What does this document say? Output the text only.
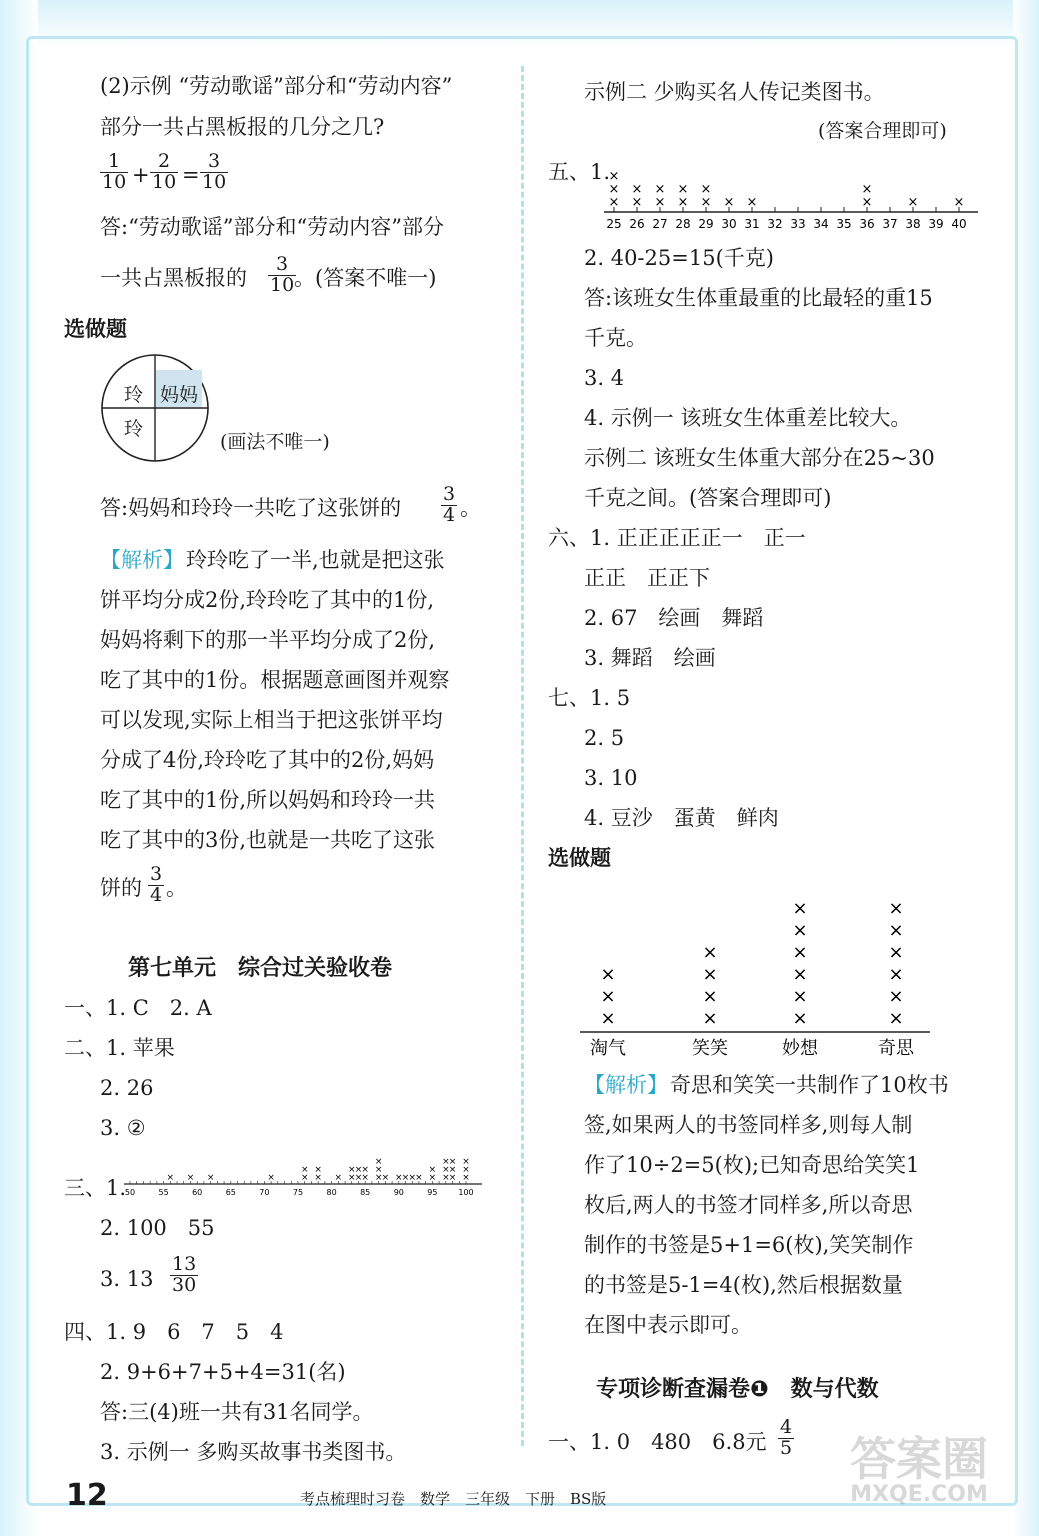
(2)示例 “劳动歌谣”部分和“劳动内容”
部分一共占黑板报的几分之几?
$\frac{1}{10} + \frac{2}{10} = \frac{3}{10}$
答:“劳动歌谣”部分和“劳动内容”部分
一共占黑板报的 $\frac{3}{10}$
。(答案不唯一)
选做题
玲 妈妈
玲
(画法不唯一)
答:妈妈和玲玲一共吃了这张饼的 $\frac{3}{4}$ 。
【解析】 玲玲吃了一半,也就是把这张
饼平均分成2份,玲玲吃了其中的1份,
妈妈将剩下的那一半平均分成了2份,
吃了其中的1份。根据题意画图并观察
可以发现,实际上相当于把这张饼平均
分成了4份,玲玲吃了其中的2份,妈妈
吃了其中的1份,所以妈妈和玲玲一共
吃了其中的3份,也就是一共吃了这张
饼的 $\frac{3}{4}$ 。
第七单元　综合过关验收卷
一、1. C　2. A
二、1. 苹果
2. 26
3. ②
三、1.
50	55	60	65	70	75	80	85	90	95	100
× × ×	×	×
×
×
×
× ×
×
×
×
×
×
×
×
×
× × × × × ×
×
×
×
×
×
×
×
×
×
×
2. 100　55
3. $13 \frac{13}{30}$
四、1. 9　6　7　5　4
2. 9+6+7+5+4=31(名)
答:三(4)班一共有31名同学。
3. 示例一 多购买故事书类图书。
示例二 少购买名人传记类图书。
(答案合理即可)
五、1.
25
×
×
×
26
×
×
27
×
×
28
×
×
29
×
×
30
×
31
×
32 33 34 35 36
×
×
37 38
×
39 40
×
2. 40-25=15(千克)
答:该班女生体重最重的比最轻的重15
千克。
3. 4
4. 示例一 该班女生体重差比较大。
示例二 该班女生体重大部分在25~30
千克之间。(答案合理即可)
六、1. 正正正正正一　正一
正正　正正下
2. 67　绘画　舞蹈
3. 舞蹈　绘画
七、1. 5
2. 5
3. 10
4. 豆沙　蛋黄　鲜肉
选做题
淘气
×
×
×
笑笑
×
×
×
×
妙想
×
×
×
×
×
×
奇思
×
×
×
×
×
×
【解析】 奇思和笑笑一共制作了10枚书
签,如果两人的书签同样多,则每人制
作了10÷2=5(枚);已知奇思给笑笑1
枚后,两人的书签才同样多,所以奇思
制作的书签是5+1=6(枚),笑笑制作
的书签是5-1=4(枚),然后根据数量
在图中表示即可。
专项诊断查漏卷❶　数与代数
一、1. 0　480　6.8元 $\frac{4}{5}$
12	考点梳理时习卷　数学　三年级　下册　BS版
答案圈
MXQE.COM
